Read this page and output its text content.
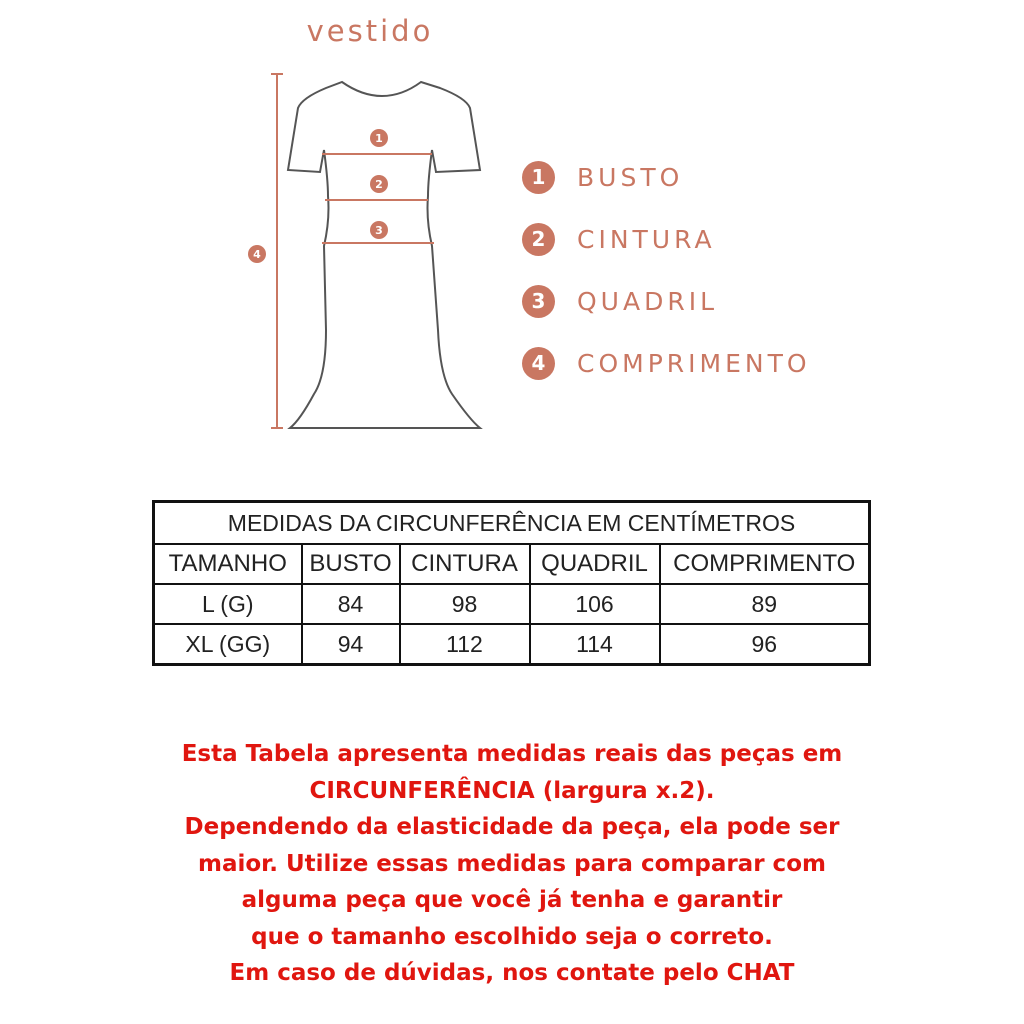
vestido
1
2
3
4
1	BUSTO
2	CINTURA
3	QUADRIL
4	COMPRIMENTO
MEDIDAS DA CIRCUNFERÊNCIA EM CENTÍMETROS				
TAMANHO	BUSTO	CINTURA	QUADRIL	COMPRIMENTO
L (G)	84	98	106	89
XL (GG)	94	112	114	96
Esta Tabela apresenta medidas reais das peças em
CIRCUNFERÊNCIA (largura x.2).
Dependendo da elasticidade da peça, ela pode ser
maior. Utilize essas medidas para comparar com
alguma peça que você já tenha e garantir
que o tamanho escolhido seja o correto.
Em caso de dúvidas, nos contate pelo CHAT
